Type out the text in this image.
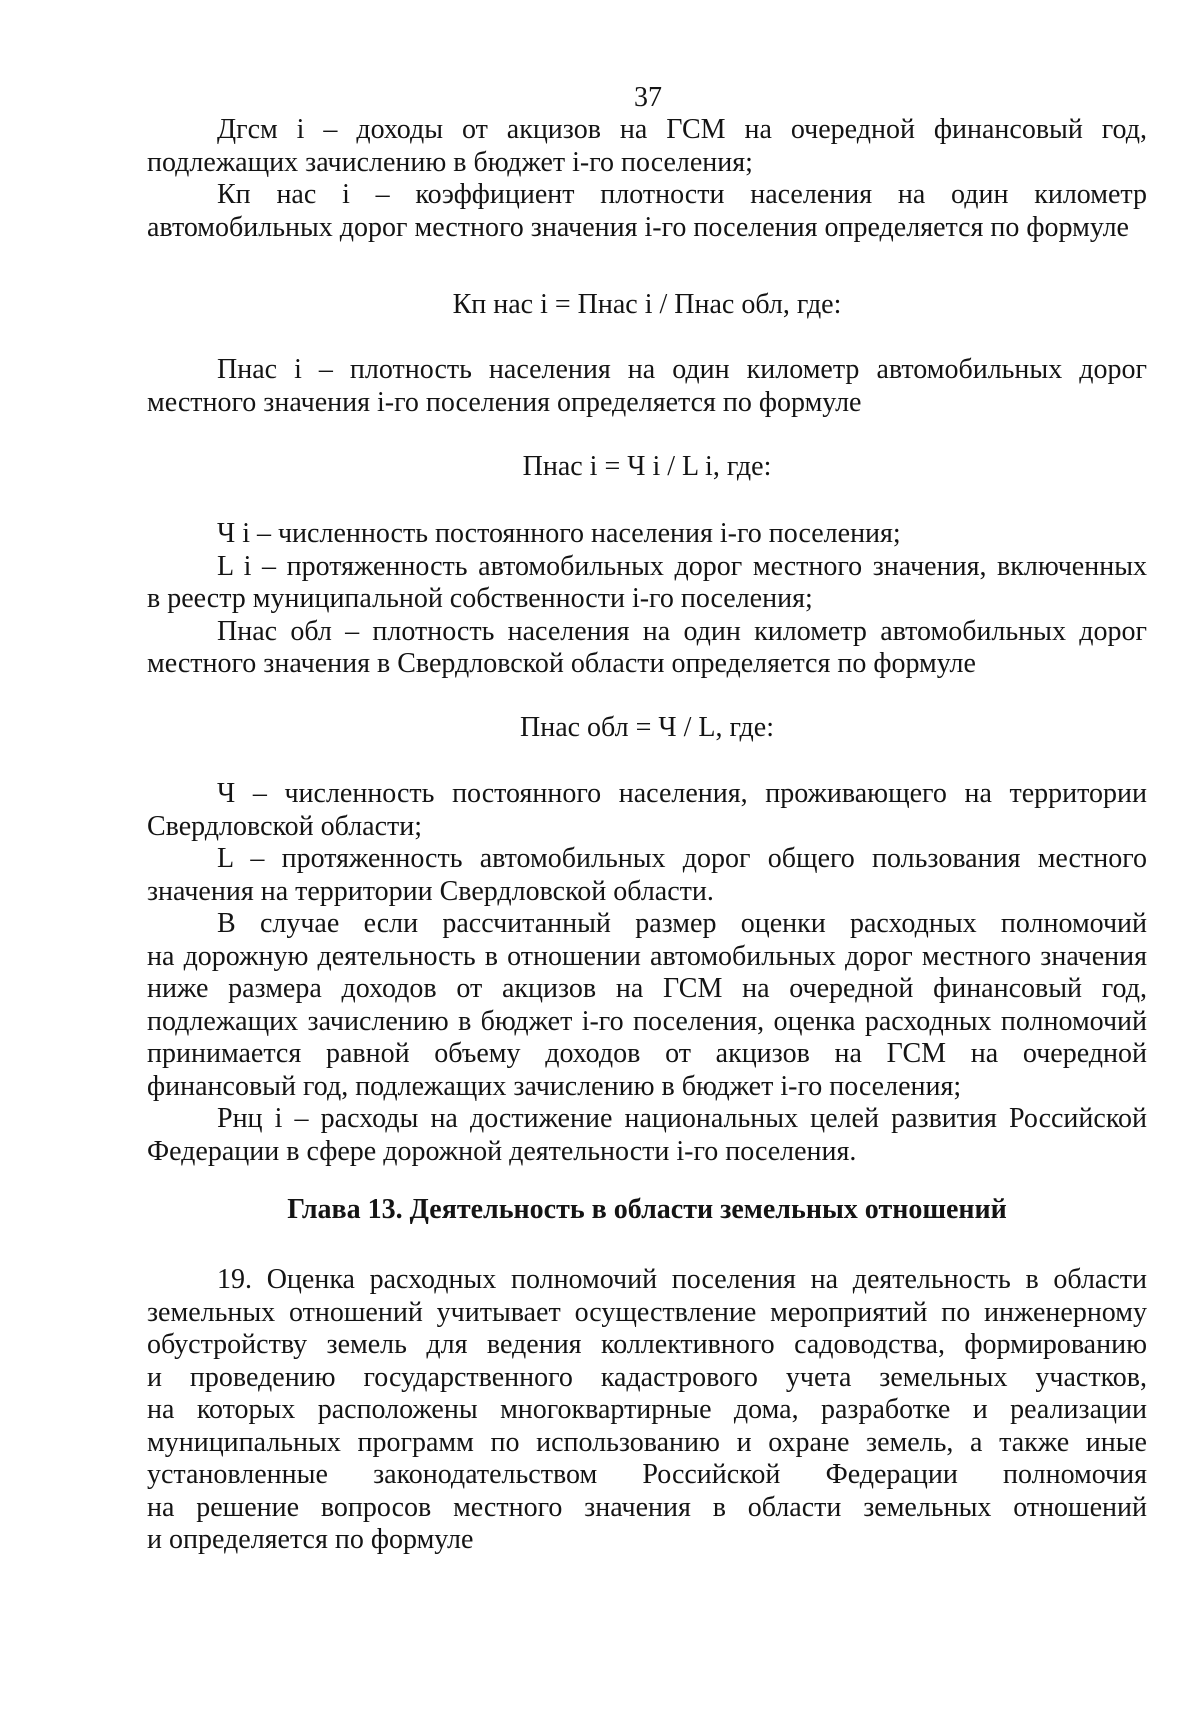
37

Дгсм i – доходы от акцизов на ГСМ на очередной финансовый год,

подлежащих зачислению в бюджет i-го поселения;

Кп нас i – коэффициент плотности населения на один километр

автомобильных дорог местного значения i-го поселения определяется по формуле

Кп нас i = Пнас i / Пнас обл, где:

Пнас i – плотность населения на один километр автомобильных дорог

местного значения i-го поселения определяется по формуле

Пнас i = Ч i / L i, где:

Ч i – численность постоянного населения i-го поселения;

L i – протяженность автомобильных дорог местного значения, включенных

в реестр муниципальной собственности i-го поселения;

Пнас обл – плотность населения на один километр автомобильных дорог

местного значения в Свердловской области определяется по формуле

Пнас обл = Ч / L, где:

Ч – численность постоянного населения, проживающего на территории

Свердловской области;

L – протяженность автомобильных дорог общего пользования местного

значения на территории Свердловской области.

В случае если рассчитанный размер оценки расходных полномочий

на дорожную деятельность в отношении автомобильных дорог местного значения

ниже размера доходов от акцизов на ГСМ на очередной финансовый год,

подлежащих зачислению в бюджет i-го поселения, оценка расходных полномочий

принимается равной объему доходов от акцизов на ГСМ на очередной

финансовый год, подлежащих зачислению в бюджет i-го поселения;

Рнц i – расходы на достижение национальных целей развития Российской

Федерации в сфере дорожной деятельности i-го поселения.

Глава 13. Деятельность в области земельных отношений

19. Оценка расходных полномочий поселения на деятельность в области

земельных отношений учитывает осуществление мероприятий по инженерному

обустройству земель для ведения коллективного садоводства, формированию

и проведению государственного кадастрового учета земельных участков,

на которых расположены многоквартирные дома, разработке и реализации

муниципальных программ по использованию и охране земель, а также иные

установленные законодательством Российской Федерации полномочия

на решение вопросов местного значения в области земельных отношений

и определяется по формуле
